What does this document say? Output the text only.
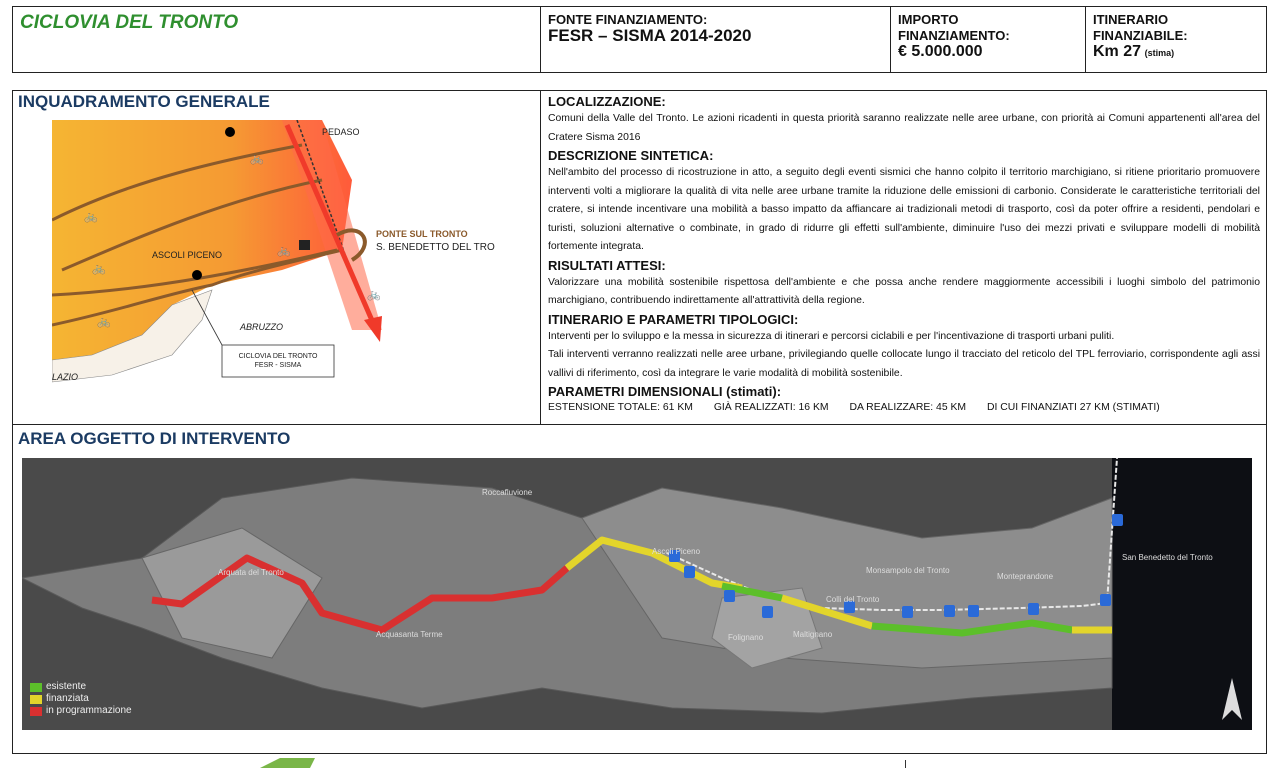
CICLOVIA DEL TRONTO	FONTE FINANZIAMENTO:
FESR – SISMA 2014-2020
IMPORTO
FINANZIAMENTO:
€ 5.000.000
ITINERARIO
FINANZIABILE:
Km 27 (stima)
INQUADRAMENTO GENERALE
🚲
🚲
🚲
🚲
🚲
🚲
PEDASO
PONTE SUL TRONTO
S. BENEDETTO DEL TRO
ASCOLI PICENO
ABRUZZO
LAZIO
CICLOVIA DEL TRONTO
FESR - SISMA
LOCALIZZAZIONE:
Comuni della Valle del Tronto. Le azioni ricadenti in questa priorità saranno realizzate nelle aree urbane, con priorità ai Comuni appartenenti all'area del Cratere Sisma 2016
DESCRIZIONE SINTETICA:
Nell'ambito del processo di ricostruzione in atto, a seguito degli eventi sismici che hanno colpito il territorio marchigiano, si ritiene prioritario promuovere interventi volti a migliorare la qualità di vita nelle aree urbane tramite la riduzione delle emissioni di carbonio. Considerate le caratteristiche territoriali del cratere, si intende incentivare una mobilità a basso impatto da affiancare ai tradizionali metodi di trasporto, così da poter offrire a residenti, pendolari e turisti, soluzioni alternative o combinate, in grado di ridurre gli effetti sull'ambiente, diminuire l'uso dei mezzi privati e sviluppare modelli di mobilità fortemente integrata.
RISULTATI ATTESI:
Valorizzare una mobilità sostenibile rispettosa dell'ambiente e che possa anche rendere maggiormente accessibili i luoghi simbolo del patrimonio marchigiano, contribuendo indirettamente all'attrattività della regione.
ITINERARIO E PARAMETRI TIPOLOGICI:
Interventi per lo sviluppo e la messa in sicurezza di itinerari e percorsi ciclabili e per l'incentivazione di trasporti urbani puliti.
Tali interventi verranno realizzati nelle aree urbane, privilegiando quelle collocate lungo il tracciato del reticolo del TPL ferroviario, corrispondente agli assi vallivi di riferimento, così da integrare le varie modalità di mobilità sostenibile.
PARAMETRI DIMENSIONALI (stimati):
ESTENSIONE TOTALE: 61 KM GIÀ REALIZZATI: 16 KM DA REALIZZARE: 45 KM DI CUI FINANZIATI 27 KM (STIMATI)
AREA OGGETTO DI INTERVENTO
Roccafluvione
Ascoli Piceno
Arquata del Tronto
Acquasanta Terme	Folignano	Maltignano
Colli del Tronto
Monsampolo del Tronto
Monteprandone
San Benedetto del Tronto
esistente
finanziata
in programmazione
